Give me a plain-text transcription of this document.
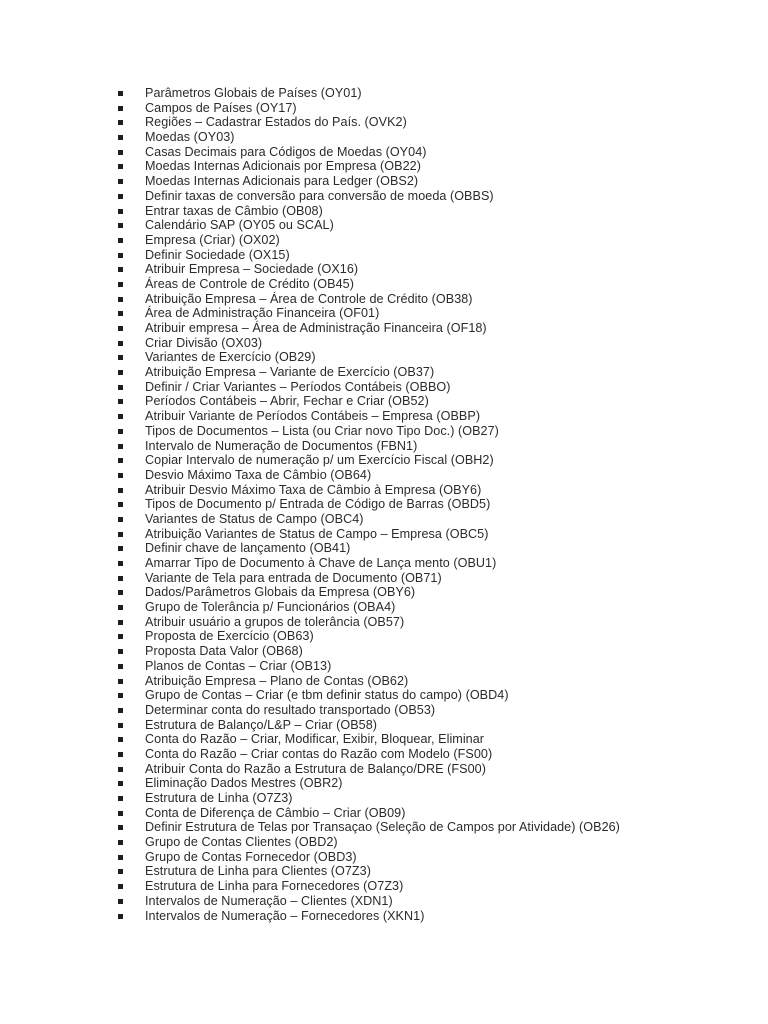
Parâmetros Globais de Países (OY01)
Campos de Países (OY17)
Regiões – Cadastrar Estados do País. (OVK2)
Moedas (OY03)
Casas Decimais para Códigos de Moedas (OY04)
Moedas Internas Adicionais por Empresa (OB22)
Moedas Internas Adicionais para Ledger (OBS2)
Definir taxas de conversão para conversão de moeda (OBBS)
Entrar taxas de Câmbio (OB08)
Calendário SAP (OY05 ou SCAL)
Empresa (Criar) (OX02)
Definir Sociedade (OX15)
Atribuir Empresa – Sociedade (OX16)
Áreas de Controle de Crédito (OB45)
Atribuição Empresa – Área de Controle de Crédito (OB38)
Área de Administração Financeira (OF01)
Atribuir empresa – Área de Administração Financeira (OF18)
Criar Divisão (OX03)
Variantes de Exercício (OB29)
Atribuição Empresa – Variante de Exercício (OB37)
Definir / Criar Variantes – Períodos Contábeis (OBBO)
Períodos Contábeis – Abrir, Fechar e Criar (OB52)
Atribuir Variante de Períodos Contábeis – Empresa (OBBP)
Tipos de Documentos – Lista (ou Criar novo Tipo Doc.) (OB27)
Intervalo de Numeração de Documentos (FBN1)
Copiar Intervalo de numeração p/ um Exercício Fiscal (OBH2)
Desvio Máximo Taxa de Câmbio (OB64)
Atribuir Desvio Máximo Taxa de Câmbio à Empresa (OBY6)
Tipos de Documento p/ Entrada de Código de Barras (OBD5)
Variantes de Status de Campo (OBC4)
Atribuição Variantes de Status de Campo – Empresa (OBC5)
Definir chave de lançamento (OB41)
Amarrar Tipo de Documento à Chave de Lança mento (OBU1)
Variante de Tela para entrada de Documento (OB71)
Dados/Parâmetros Globais da Empresa (OBY6)
Grupo de Tolerância p/ Funcionários (OBA4)
Atribuir usuário a grupos de tolerância (OB57)
Proposta de Exercício (OB63)
Proposta Data Valor (OB68)
Planos de Contas – Criar (OB13)
Atribuição Empresa – Plano de Contas (OB62)
Grupo de Contas – Criar (e tbm definir status do campo) (OBD4)
Determinar conta do resultado transportado (OB53)
Estrutura de Balanço/L&P – Criar (OB58)
Conta do Razão – Criar, Modificar, Exibir, Bloquear, Eliminar
Conta do Razão – Criar contas do Razão com Modelo (FS00)
Atribuir Conta do Razão a Estrutura de Balanço/DRE (FS00)
Eliminação Dados Mestres (OBR2)
Estrutura de Linha (O7Z3)
Conta de Diferença de Câmbio – Criar (OB09)
Definir Estrutura de Telas por Transaçao (Seleção de Campos por Atividade) (OB26)
Grupo de Contas Clientes (OBD2)
Grupo de Contas Fornecedor (OBD3)
Estrutura de Linha para Clientes (O7Z3)
Estrutura de Linha para Fornecedores (O7Z3)
Intervalos de Numeração – Clientes (XDN1)
Intervalos de Numeração – Fornecedores (XKN1)
